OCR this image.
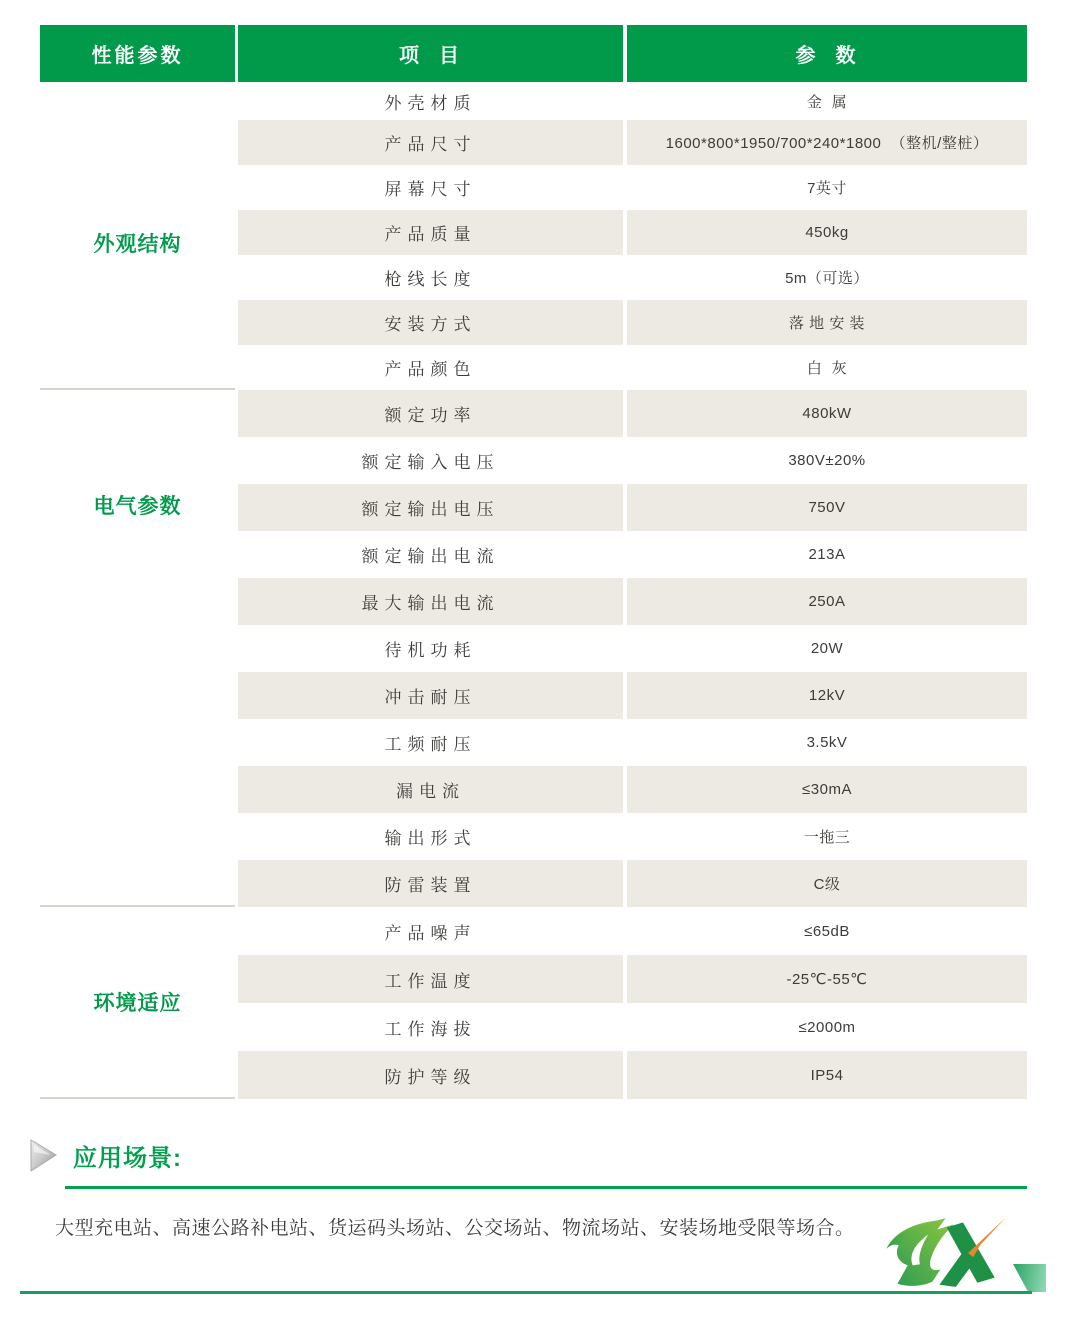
性能参数	项  目	参  数
外观结构
外壳材质	金  属
产品尺寸	1600*800*1950/700*240*1800  （整机/整桩）
屏幕尺寸	7英寸
产品质量	450kg
枪线长度	5m（可选）
安装方式	落 地 安 装
产品颜色	白  灰
电气参数
额定功率	480kW
额定输入电压	380V±20%
额定输出电压	750V
额定输出电流	213A
最大输出电流	250A
待机功耗	20W
冲击耐压	12kV
工频耐压	3.5kV
漏电流	≤30mA
输出形式	一拖三
防雷装置	C级
环境适应
产品噪声	≤65dB
工作温度	-25℃-55℃
工作海拔	≤2000m
防护等级	IP54
应用场景:

大型充电站、高速公路补电站、货运码头场站、公交场站、物流场站、安装场地受限等场合。
